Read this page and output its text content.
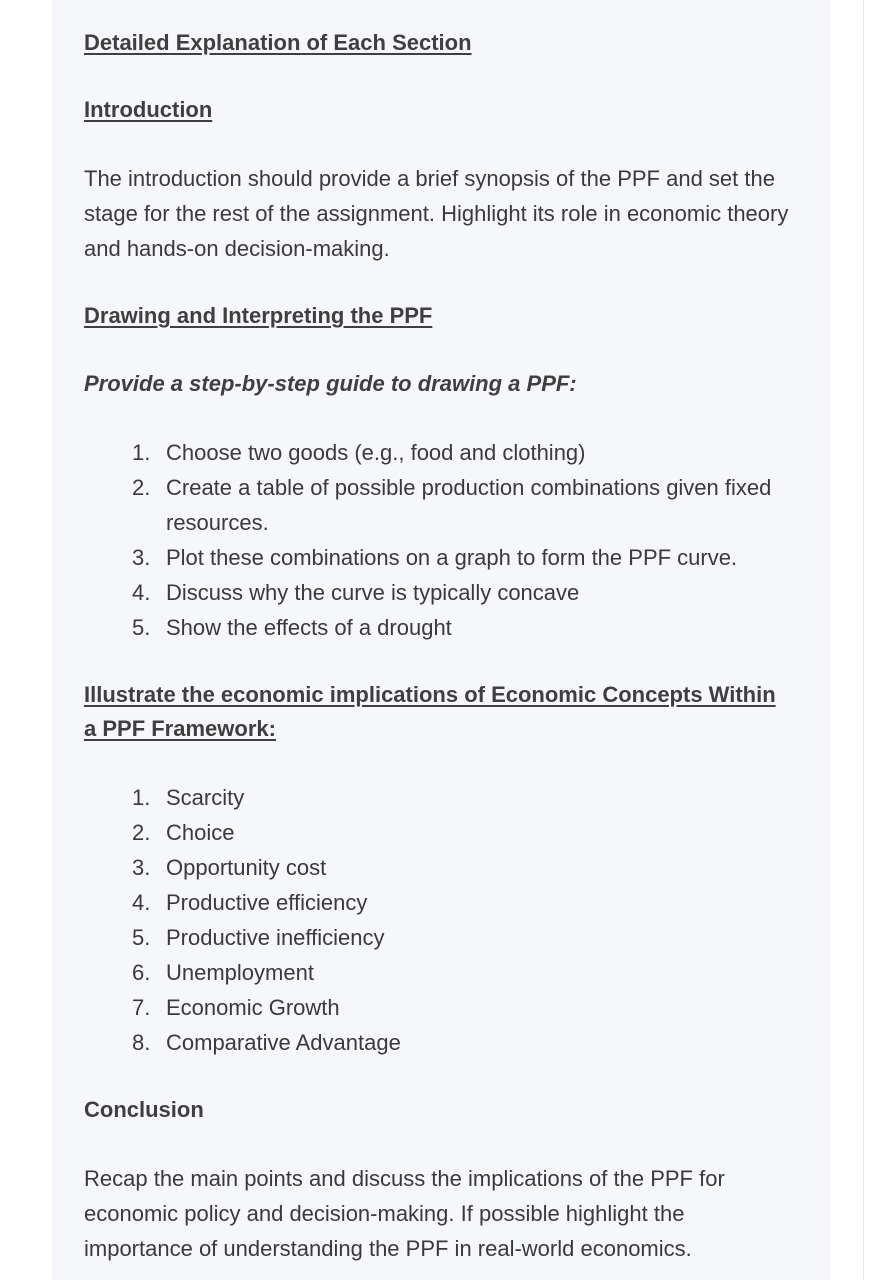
Detailed Explanation of Each Section
Introduction

The introduction should provide a brief synopsis of the PPF and set the stage for the rest of the assignment. Highlight its role in economic theory and hands-on decision-making.

Drawing and Interpreting the PPF
Provide a step-by-step guide to drawing a PPF:
1. Choose two goods (e.g., food and clothing)
2. Create a table of possible production combinations given fixed resources.
3. Plot these combinations on a graph to form the PPF curve.
4. Discuss why the curve is typically concave
5. Show the effects of a drought
Illustrate the economic implications of Economic Concepts Within a PPF Framework:
1. Scarcity
2. Choice
3. Opportunity cost
4. Productive efficiency
5. Productive inefficiency
6. Unemployment
7. Economic Growth
8. Comparative Advantage
Conclusion

Recap the main points and discuss the implications of the PPF for economic policy and decision-making. If possible highlight the importance of understanding the PPF in real-world economics.
